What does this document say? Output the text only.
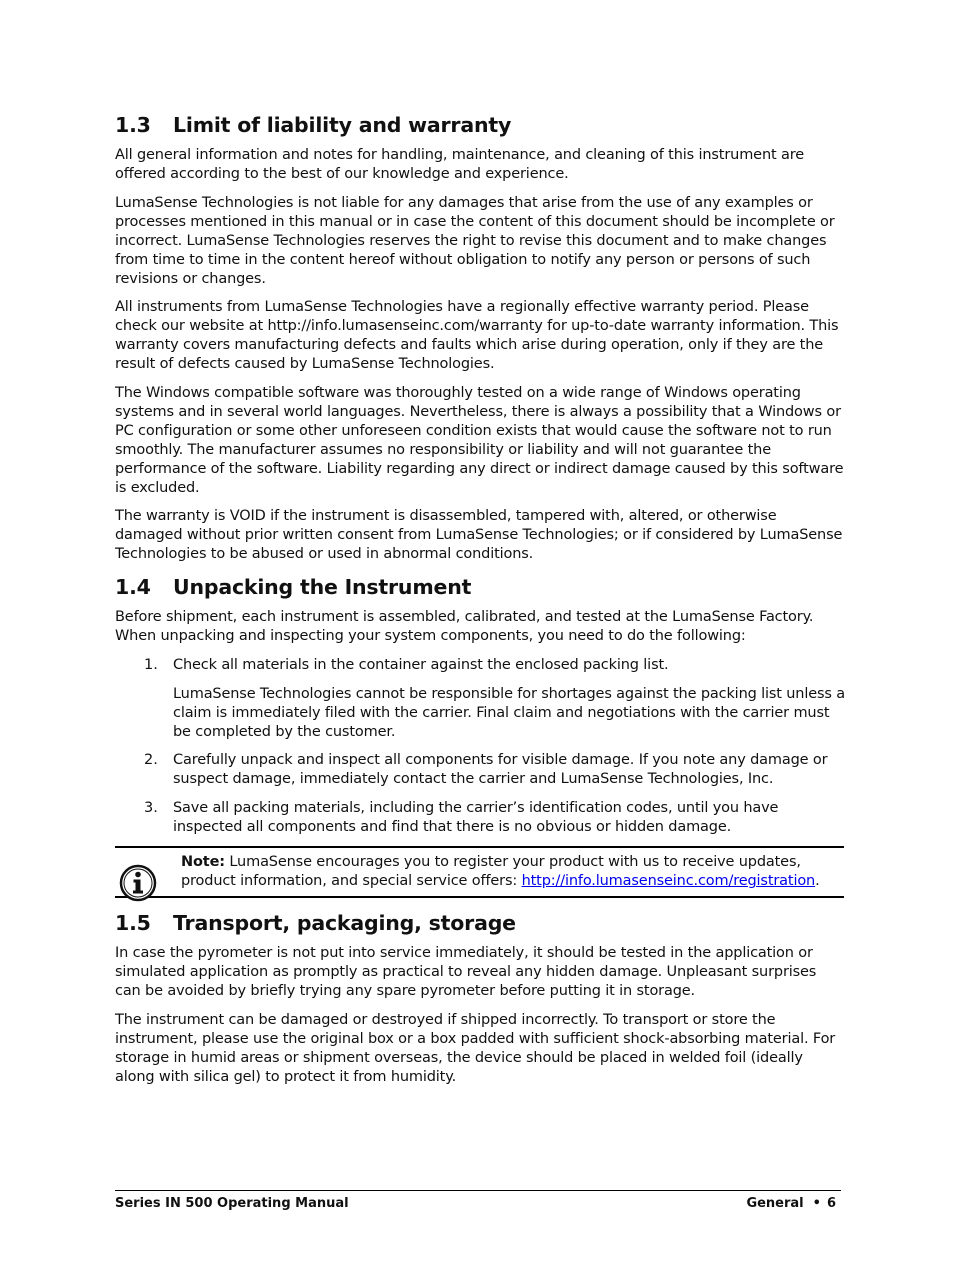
1.3 Limit of liability and warranty

All general information and notes for handling, maintenance, and cleaning of this instrument are offered according to the best of our knowledge and experience.

LumaSense Technologies is not liable for any damages that arise from the use of any examples or processes mentioned in this manual or in case the content of this document should be incomplete or incorrect. LumaSense Technologies reserves the right to revise this document and to make changes from time to time in the content hereof without obligation to notify any person or persons of such revisions or changes.

All instruments from LumaSense Technologies have a regionally effective warranty period. Please check our website at http://info.lumasenseinc.com/warranty for up-to-date warranty information. This warranty covers manufacturing defects and faults which arise during operation, only if they are the result of defects caused by LumaSense Technologies.

The Windows compatible software was thoroughly tested on a wide range of Windows operating systems and in several world languages. Nevertheless, there is always a possibility that a Windows or PC configuration or some other unforeseen condition exists that would cause the software not to run smoothly. The manufacturer assumes no responsibility or liability and will not guarantee the performance of the software. Liability regarding any direct or indirect damage caused by this software is excluded.

The warranty is VOID if the instrument is disassembled, tampered with, altered, or otherwise damaged without prior written consent from LumaSense Technologies; or if considered by LumaSense Technologies to be abused or used in abnormal conditions.

1.4 Unpacking the Instrument

Before shipment, each instrument is assembled, calibrated, and tested at the LumaSense Factory. When unpacking and inspecting your system components, you need to do the following:

1. Check all materials in the container against the enclosed packing list.

LumaSense Technologies cannot be responsible for shortages against the packing list unless a claim is immediately filed with the carrier. Final claim and negotiations with the carrier must be completed by the customer.

2. Carefully unpack and inspect all components for visible damage. If you note any damage or suspect damage, immediately contact the carrier and LumaSense Technologies, Inc.

3. Save all packing materials, including the carrier’s identification codes, until you have inspected all components and find that there is no obvious or hidden damage.

Note: LumaSense encourages you to register your product with us to receive updates, product information, and special service offers: http://info.lumasenseinc.com/registration.

1.5 Transport, packaging, storage

In case the pyrometer is not put into service immediately, it should be tested in the application or simulated application as promptly as practical to reveal any hidden damage. Unpleasant surprises can be avoided by briefly trying any spare pyrometer before putting it in storage.

The instrument can be damaged or destroyed if shipped incorrectly. To transport or store the instrument, please use the original box or a box padded with sufficient shock-absorbing material. For storage in humid areas or shipment overseas, the device should be placed in welded foil (ideally along with silica gel) to protect it from humidity.

Series IN 500 Operating Manual	General • 6
